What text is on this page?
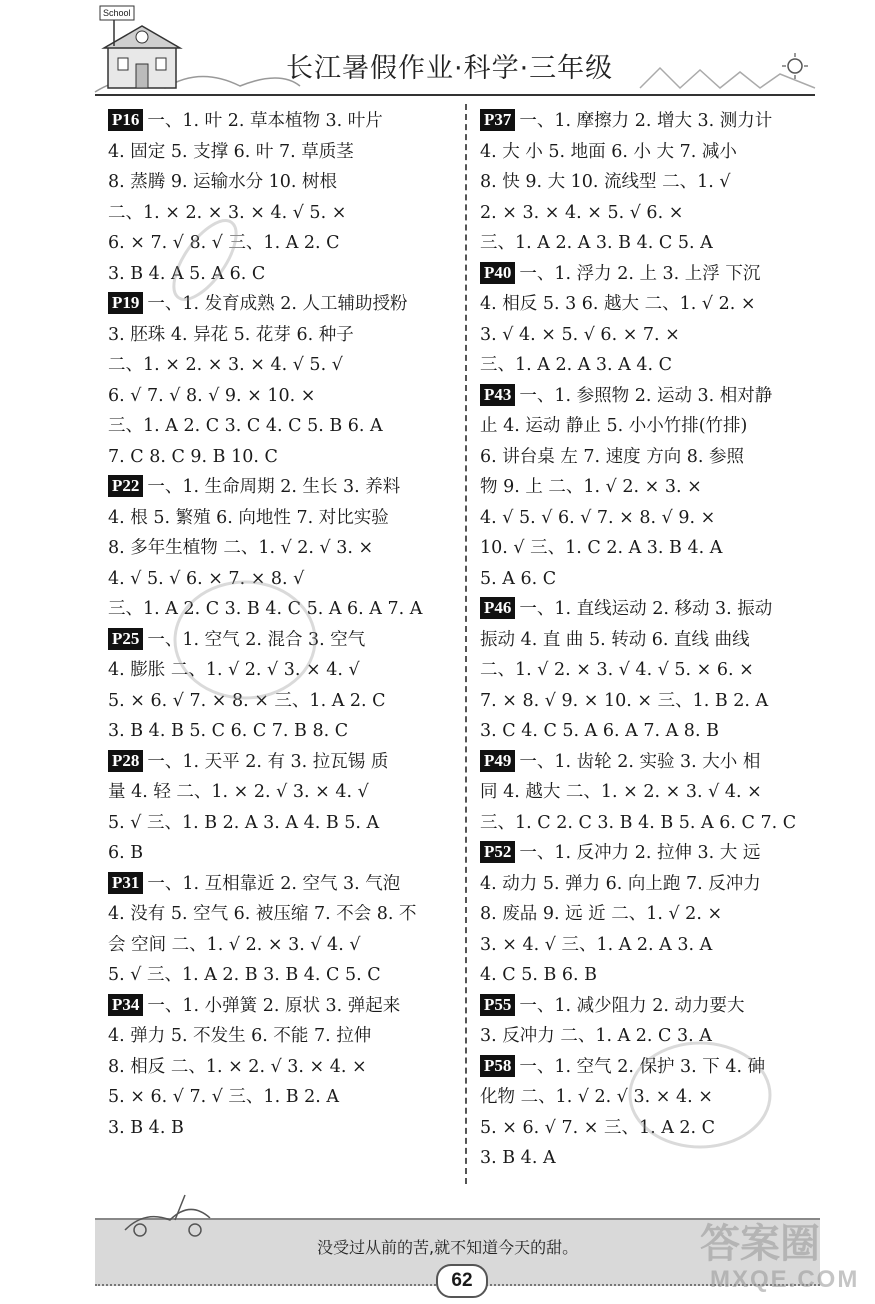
School
长江暑假作业·科学·三年级
P16 一、1. 叶 2. 草本植物 3. 叶片
4. 固定 5. 支撑 6. 叶 7. 草质茎
8. 蒸腾 9. 运输水分 10. 树根
二、1. × 2. × 3. × 4. √ 5. ×
6. × 7. √ 8. √ 三、1. A 2. C
3. B 4. A 5. A 6. C
P19 一、1. 发育成熟 2. 人工辅助授粉
3. 胚珠 4. 异花 5. 花芽 6. 种子
二、1. × 2. × 3. × 4. √ 5. √
6. √ 7. √ 8. √ 9. × 10. ×
三、1. A 2. C 3. C 4. C 5. B 6. A
7. C 8. C 9. B 10. C
P22 一、1. 生命周期 2. 生长 3. 养料
4. 根 5. 繁殖 6. 向地性 7. 对比实验
8. 多年生植物 二、1. √ 2. √ 3. ×
4. √ 5. √ 6. × 7. × 8. √
三、1. A 2. C 3. B 4. C 5. A 6. A 7. A
P25 一、1. 空气 2. 混合 3. 空气
4. 膨胀 二、1. √ 2. √ 3. × 4. √
5. × 6. √ 7. × 8. × 三、1. A 2. C
3. B 4. B 5. C 6. C 7. B 8. C
P28 一、1. 天平 2. 有 3. 拉瓦锡 质
量 4. 轻 二、1. × 2. √ 3. × 4. √
5. √ 三、1. B 2. A 3. A 4. B 5. A
6. B
P31 一、1. 互相靠近 2. 空气 3. 气泡
4. 没有 5. 空气 6. 被压缩 7. 不会 8. 不
会 空间 二、1. √ 2. × 3. √ 4. √
5. √ 三、1. A 2. B 3. B 4. C 5. C
P34 一、1. 小弹簧 2. 原状 3. 弹起来
4. 弹力 5. 不发生 6. 不能 7. 拉伸
8. 相反 二、1. × 2. √ 3. × 4. ×
5. × 6. √ 7. √ 三、1. B 2. A
3. B 4. B
P37 一、1. 摩擦力 2. 增大 3. 测力计
4. 大 小 5. 地面 6. 小 大 7. 减小
8. 快 9. 大 10. 流线型 二、1. √
2. × 3. × 4. × 5. √ 6. ×
三、1. A 2. A 3. B 4. C 5. A
P40 一、1. 浮力 2. 上 3. 上浮 下沉
4. 相反 5. 3 6. 越大 二、1. √ 2. ×
3. √ 4. × 5. √ 6. × 7. ×
三、1. A 2. A 3. A 4. C
P43 一、1. 参照物 2. 运动 3. 相对静
止 4. 运动 静止 5. 小小竹排(竹排)
6. 讲台桌 左 7. 速度 方向 8. 参照
物 9. 上 二、1. √ 2. × 3. ×
4. √ 5. √ 6. √ 7. × 8. √ 9. ×
10. √ 三、1. C 2. A 3. B 4. A
5. A 6. C
P46 一、1. 直线运动 2. 移动 3. 振动
振动 4. 直 曲 5. 转动 6. 直线 曲线
二、1. √ 2. × 3. √ 4. √ 5. × 6. ×
7. × 8. √ 9. × 10. × 三、1. B 2. A
3. C 4. C 5. A 6. A 7. A 8. B
P49 一、1. 齿轮 2. 实验 3. 大小 相
同 4. 越大 二、1. × 2. × 3. √ 4. ×
三、1. C 2. C 3. B 4. B 5. A 6. C 7. C
P52 一、1. 反冲力 2. 拉伸 3. 大 远
4. 动力 5. 弹力 6. 向上跑 7. 反冲力
8. 废品 9. 远 近 二、1. √ 2. ×
3. × 4. √ 三、1. A 2. A 3. A
4. C 5. B 6. B
P55 一、1. 减少阻力 2. 动力要大
3. 反冲力 二、1. A 2. C 3. A
P58 一、1. 空气 2. 保护 3. 下 4. 砷
化物 二、1. √ 2. √ 3. × 4. ×
5. × 6. √ 7. × 三、1. A 2. C
3. B 4. A
没受过从前的苦,就不知道今天的甜。
62
答案圈
MXQE.COM
